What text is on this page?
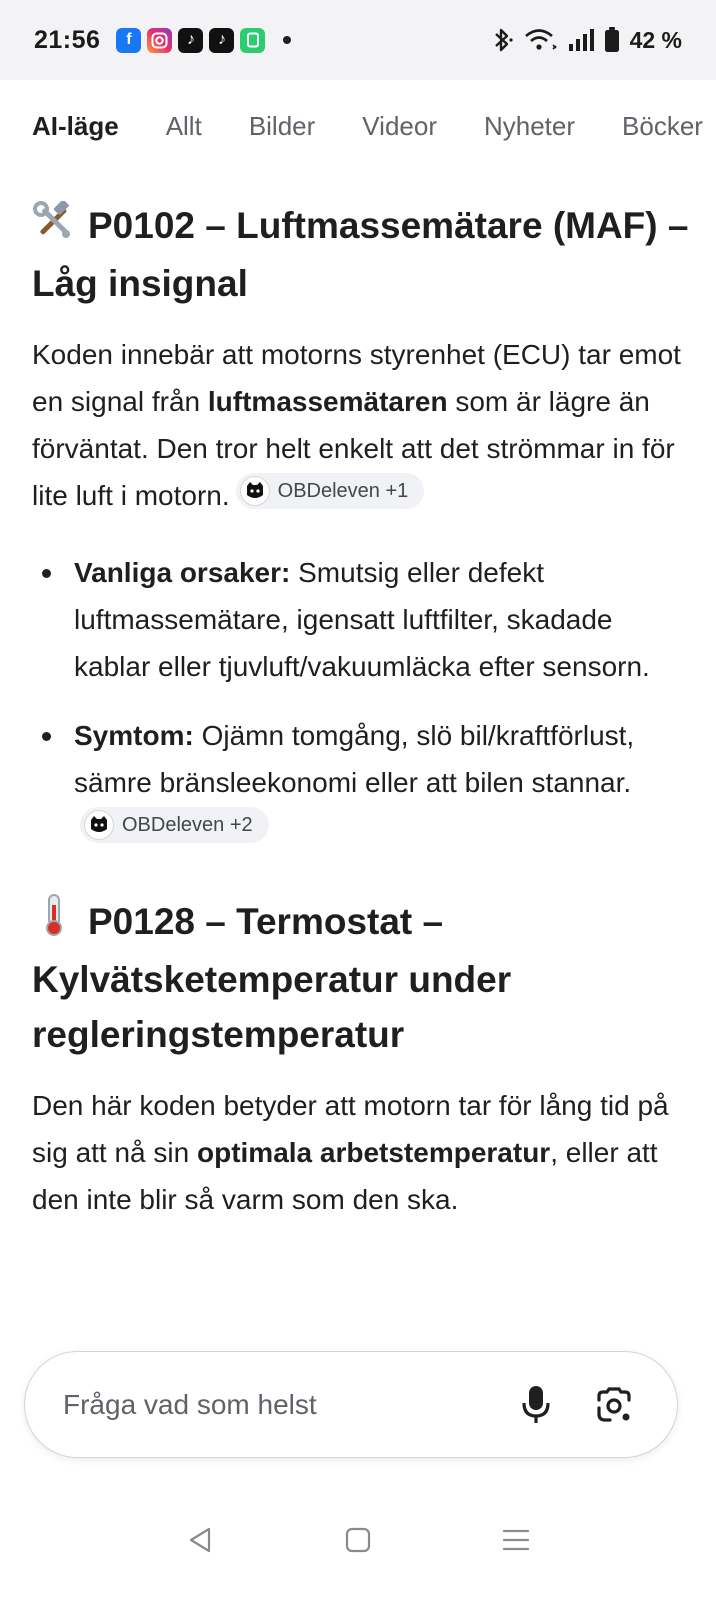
21:56	f	♪	♪	42 %
AI-läge Allt Bilder Videor Nyheter Böcker
P0102 – Luftmassemätare (MAF) – Låg insignal

Koden innebär att motorns styrenhet (ECU) tar emot en signal från luftmassemätaren som är lägre än förväntat. Den tror helt enkelt att det strömmar in för lite luft i motorn. OBDeleven +1

Vanliga orsaker: Smutsig eller defekt luftmassemätare, igensatt luftfilter, skadade kablar eller tjuvluft/vakuumläcka efter sensorn.
Symtom: Ojämn tomgång, slö bil/kraftförlust, sämre bränsleekonomi eller att bilen stannar.
OBDeleven +2
P0128 – Termostat – Kylvätsketemperatur under regleringstemperatur

Den här koden betyder att motorn tar för lång tid på sig att nå sin optimala arbetstemperatur, eller att den inte blir så varm som den ska.

Fråga vad som helst
